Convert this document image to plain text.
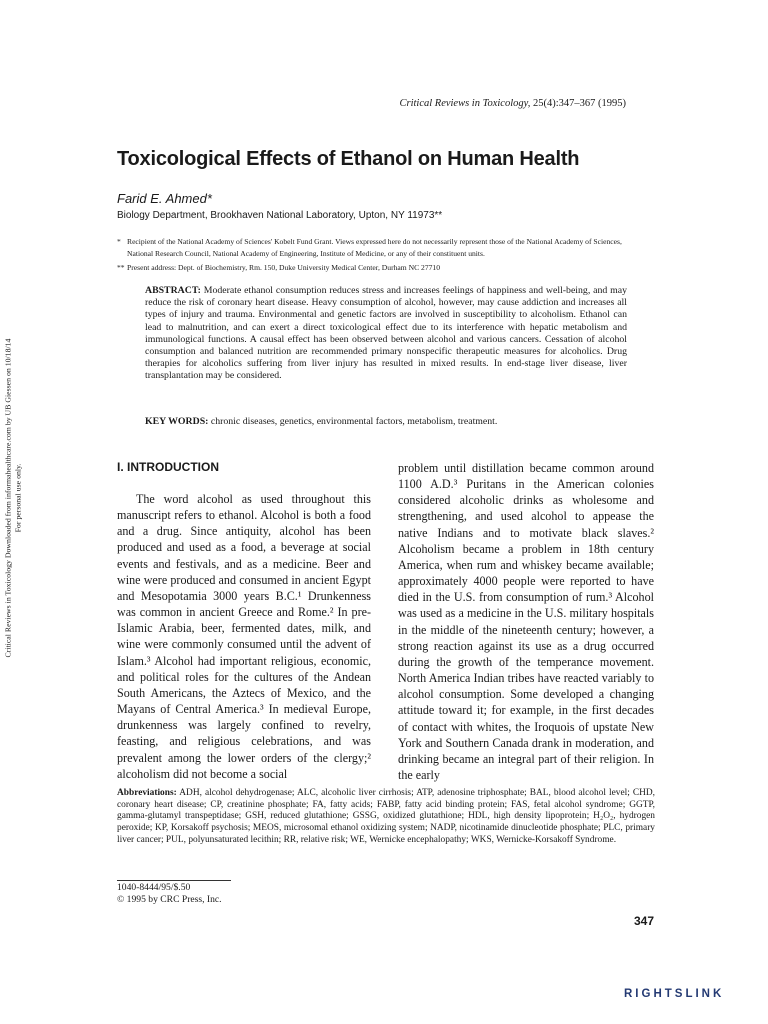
Critical Reviews in Toxicology, 25(4):347–367 (1995)
Toxicological Effects of Ethanol on Human Health
Farid E. Ahmed*
Biology Department, Brookhaven National Laboratory, Upton, NY 11973**
* Recipient of the National Academy of Sciences' Kobelt Fund Grant. Views expressed here do not necessarily represent those of the National Academy of Sciences, National Research Council, National Academy of Engineering, Institute of Medicine, or any of their constituent units.
** Present address: Dept. of Biochemistry, Rm. 150, Duke University Medical Center, Durham NC 27710
ABSTRACT: Moderate ethanol consumption reduces stress and increases feelings of happiness and well-being, and may reduce the risk of coronary heart disease. Heavy consumption of alcohol, however, may cause addiction and increases all types of injury and trauma. Environmental and genetic factors are involved in susceptibility to alcoholism. Ethanol can lead to malnutrition, and can exert a direct toxicological effect due to its interference with hepatic metabolism and immunological functions. A causal effect has been observed between alcohol and various cancers. Cessation of alcohol consumption and balanced nutrition are recommended primary nonspecific therapeutic measures for alcoholics. Drug therapies for alcoholics suffering from liver injury has resulted in mixed results. In end-stage liver disease, liver transplantation may be considered.
KEY WORDS: chronic diseases, genetics, environmental factors, metabolism, treatment.
Critical Reviews in Toxicology Downloaded from informahealthcare.com by UB Giessen on 10/18/14 For personal use only.	I. INTRODUCTION
The word alcohol as used throughout this manuscript refers to ethanol. Alcohol is both a food and a drug. Since antiquity, alcohol has been produced and used as a food, a beverage at social events and festivals, and as a medicine. Beer and wine were produced and consumed in ancient Egypt and Mesopotamia 3000 years B.C.¹ Drunkenness was common in ancient Greece and Rome.² In pre-Islamic Arabia, beer, fermented dates, milk, and wine were commonly consumed until the advent of Islam.³ Alcohol had important religious, economic, and political roles for the cultures of the Andean South Americans, the Aztecs of Mexico, and the Mayans of Central America.³ In medieval Europe, drunkenness was largely confined to revelry, feasting, and religious celebrations, and was prevalent among the lower orders of the clergy;² alcoholism did not become a social
problem until distillation became common around 1100 A.D.³ Puritans in the American colonies considered alcoholic drinks as wholesome and strengthening, and used alcohol to appease the native Indians and to motivate black slaves.² Alcoholism became a problem in 18th century America, when rum and whiskey became available; approximately 4000 people were reported to have died in the U.S. from consumption of rum.³ Alcohol was used as a medicine in the U.S. military hospitals in the middle of the nineteenth century; however, a strong reaction against its use as a drug occurred during the growth of the temperance movement. North America Indian tribes have reacted variably to alcohol consumption. Some developed a changing attitude toward it; for example, in the first decades of contact with whites, the Iroquois of upstate New York and Southern Canada drank in moderation, and drinking became an integral part of their religion. In the early
Abbreviations: ADH, alcohol dehydrogenase; ALC, alcoholic liver cirrhosis; ATP, adenosine triphosphate; BAL, blood alcohol level; CHD, coronary heart disease; CP, creatinine phosphate; FA, fatty acids; FABP, fatty acid binding protein; FAS, fetal alcohol syndrome; GGTP, gamma-glutamyl transpeptidase; GSH, reduced glutathione; GSSG, oxidized glutathione; HDL, high density lipoprotein; H₂O₂, hydrogen peroxide; KP, Korsakoff psychosis; MEOS, microsomal ethanol oxidizing system; NADP, nicotinamide dinucleotide phosphate; PLC, primary liver cancer; PUL, polyunsaturated lecithin; RR, relative risk; WE, Wernicke encephalopathy; WKS, Wernicke-Korsakoff Syndrome.
1040-8444/95/$.50
© 1995 by CRC Press, Inc.
347
RIGHTSLINK
